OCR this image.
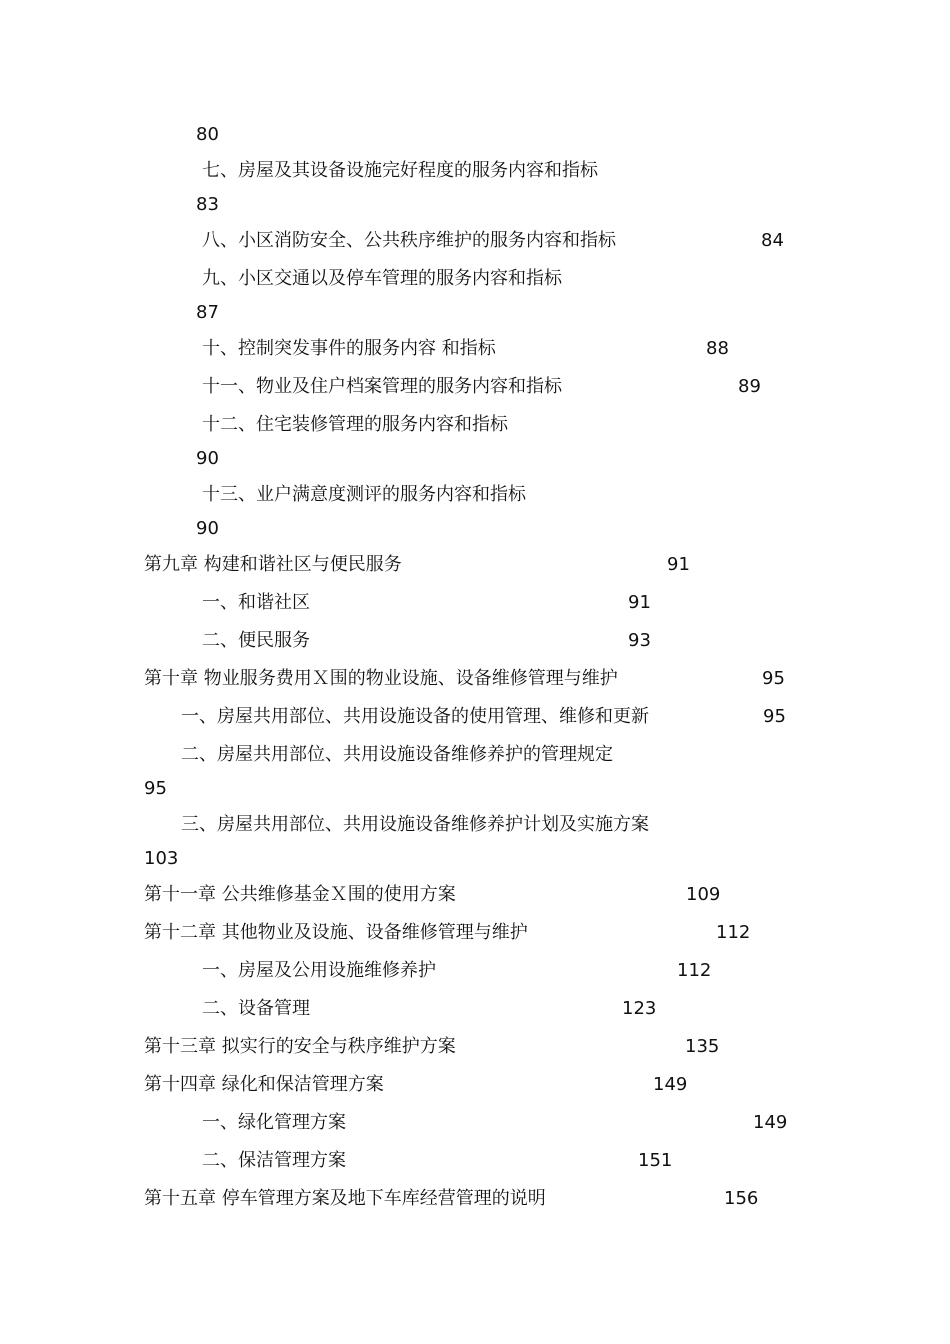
80
七、房屋及其设备设施完好程度的服务内容和指标
83
八、小区消防安全、公共秩序维护的服务内容和指标	84
九、小区交通以及停车管理的服务内容和指标
87
十、控制突发事件的服务内容 和指标	88
十一、物业及住户档案管理的服务内容和指标	89
十二、住宅装修管理的服务内容和指标
90
十三、业户满意度测评的服务内容和指标
90
第九章 构建和谐社区与便民服务	91
一、和谐社区	91
二、便民服务	93
第十章 物业服务费用Ｘ围的物业设施、设备维修管理与维护	95
一、房屋共用部位、共用设施设备的使用管理、维修和更新	95
二、房屋共用部位、共用设施设备维修养护的管理规定
95
三、房屋共用部位、共用设施设备维修养护计划及实施方案
103
第十一章 公共维修基金Ｘ围的使用方案	109
第十二章 其他物业及设施、设备维修管理与维护	112
一、房屋及公用设施维修养护	112
二、设备管理	123
第十三章 拟实行的安全与秩序维护方案	135
第十四章 绿化和保洁管理方案	149
一、绿化管理方案	149
二、保洁管理方案	151
第十五章 停车管理方案及地下车库经营管理的说明	156
